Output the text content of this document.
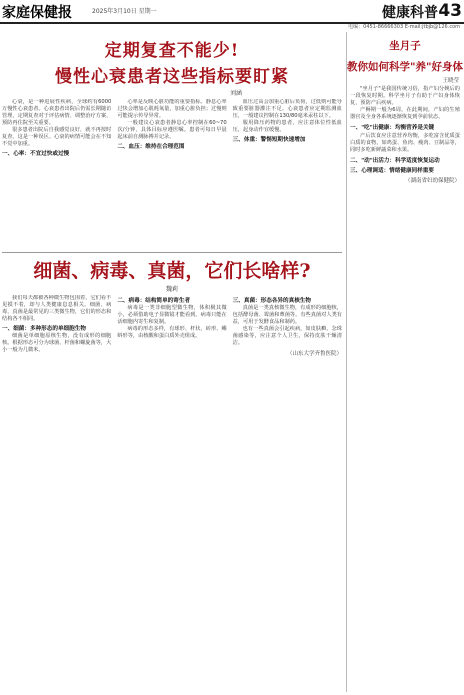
家庭保健报	2025年3月10日 星期一	健康科普 43
电编：0451-86666303 E-mail:jtbjb@126.com
定期复查不能少!
慢性心衰患者这些指标要盯紧
刘涵

心衰，是一种进展性疾病，全球约有6000万慢性心衰患者。心衰患者出院后仍需长期随访管理，定期复查对于评估病情、调整治疗方案、预防再住院至关重要。

很多患者出院后自我感觉良好，就不再按时复查，这是一种误区。心衰的病情可能会在不知不觉中加重。

一、心率：不宜过快或过慢

心率是反映心脏功能的重要指标。静息心率过快会增加心肌耗氧量，加重心脏负担；过慢则可能提示传导异常。

一般建议心衰患者静息心率控制在60~70次/分钟，具体目标应遵医嘱。患者可每日早晨起床前自测脉搏并记录。

二、血压：维持在合理范围

血压过高会加重心脏后负荷，过低则可能导致重要脏器灌注不足。心衰患者应定期监测血压，一般建议控制在130/80毫米汞柱以下。

服用降压药物的患者，应注意体位性低血压，起身动作宜缓慢。

三、体重：警惕短期快速增加
细菌、病毒、真菌，它们长啥样?
魏莉

我们每天都被各种微生物包围着，它们看不见摸不着，却与人类健康息息相关。细菌、病毒、真菌是最常见的三类微生物，它们的形态和结构各不相同。

一、细菌：多种形态的单细胞生物

细菌是单细胞原核生物，没有成形的细胞核。根据形态可分为球菌、杆菌和螺旋菌等，大小一般为几微米。

二、病毒：结构简单的寄生者

病毒是一类非细胞型微生物，体积极其微小，必须借助电子显微镜才能看到。病毒只能在活细胞内寄生和复制。

病毒的形态多样，有球形、杆状、砖形、蝌蚪形等，由核酸和蛋白质外壳组成。

三、真菌：形态各异的真核生物

真菌是一类真核微生物，有成形的细胞核，包括酵母菌、霉菌和蕈菌等。有些真菌对人类有益，可用于发酵食品和制药。

也有一些真菌会引起疾病，如皮肤癣、念珠菌感染等，应注意个人卫生，保持皮肤干燥清洁。

（山东大学齐鲁医院）
坐月子
教你如何科学"养"好身体
王晓莹

"坐月子"是我国传统习俗，指产妇分娩后的一段恢复时期。科学坐月子有助于产妇身体恢复，预防产后疾病。

产褥期一般为6周，在此期间，产妇的生殖器官及全身各系统逐渐恢复到孕前状态。

一、"吃"出健康：均衡营养是关键

产后饮食应注意营养均衡，多吃富含优质蛋白质的食物，如鸡蛋、鱼肉、瘦肉、豆制品等，同时多吃新鲜蔬菜和水果。

二、"动"出活力：科学适度恢复运动
三、心理调适：情绪健康同样重要
（湖南省妇幼保健院）
